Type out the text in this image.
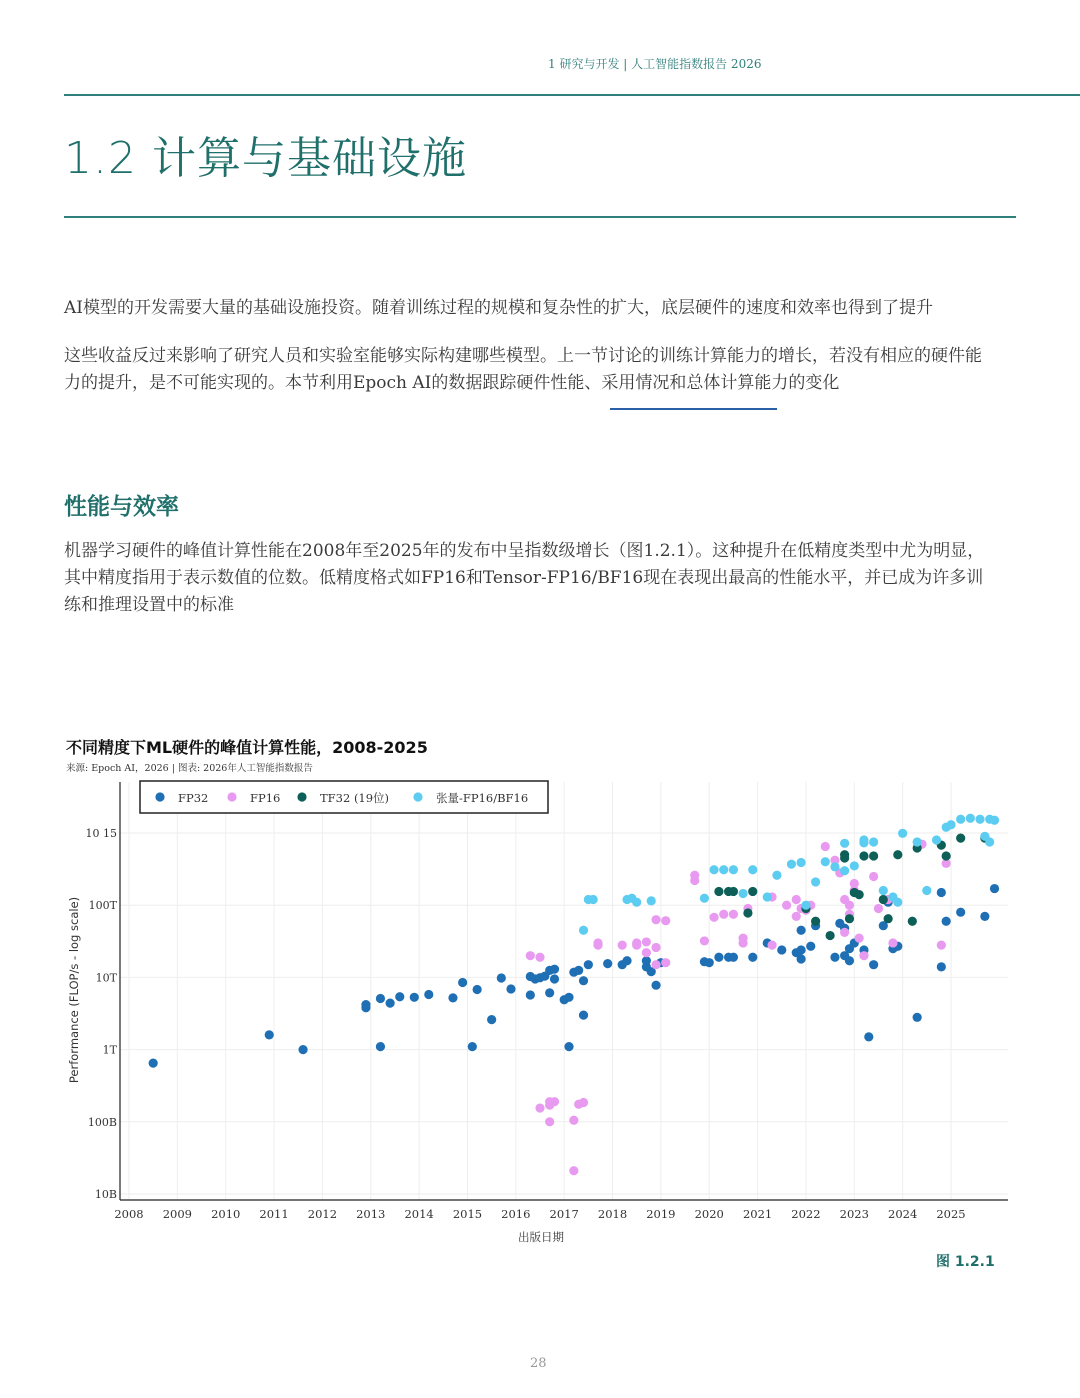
1 研究与开发 | 人工智能指数报告 2026
1.2 计算与基础设施
AI模型的开发需要大量的基础设施投资。随着训练过程的规模和复杂性的扩大，底层硬件的速度和效率也得到了提升
这些收益反过来影响了研究人员和实验室能够实际构建哪些模型。上一节讨论的训练计算能力的增长，若没有相应的硬件能力的提升，是不可能实现的。本节利用Epoch AI的数据跟踪硬件性能、采用情况和总体计算能力的变化
性能与效率
机器学习硬件的峰值计算性能在2008年至2025年的发布中呈指数级增长（图1.2.1）。这种提升在低精度类型中尤为明显，其中精度指用于表示数值的位数。低精度格式如FP16和Tensor-FP16/BF16现在表现出最高的性能水平，并已成为许多训练和推理设置中的标准
不同精度下ML硬件的峰值计算性能，2008-2025
来源: Epoch AI，2026 | 图表: 2026年人工智能指数报告
2008 2009 2010 2011 2012 2013 2014 2015 2016 2017 2018 2019 2020 2021 2022 2023 2024 2025
10B
100B
1T
10T
100T
10 15
出版日期
Performance (FLOP/s - log scale)
FP32	FP16	TF32 (19位)	张量-FP16/BF16
图 1.2.1
28
